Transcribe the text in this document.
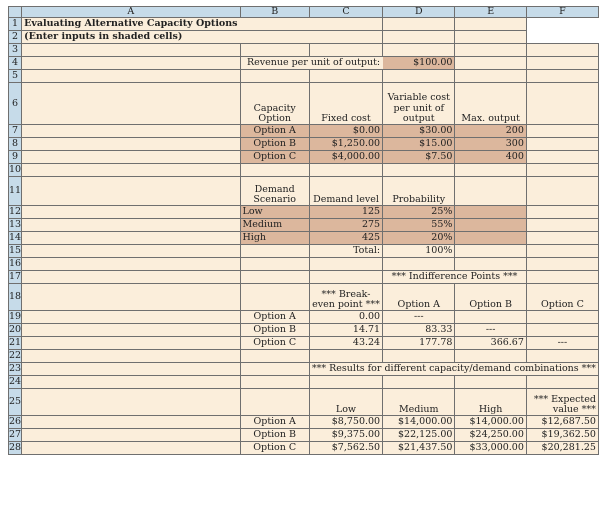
	A	B	C	D	E	F
1	Evaluating Alternative Capacity Options					
2	(Enter inputs in shaded cells)					
3						
4		Revenue per unit of output:		$100.00		
5						
6		Capacity Option	Fixed cost	Variable cost per unit of output	Max. output	
7		Option A	$0.00	$30.00	200	
8		Option B	$1,250.00	$15.00	300	
9		Option C	$4,000.00	$7.50	400	
10						
11		Demand Scenario	Demand level	Probability		
12		Low	125	25%		
13		Medium	275	55%		
14		High	425	20%		
15			Total:	100%		
16						
17				*** Indifference Points ***		
18			*** Break-even point ***	Option A	Option B	Option C
19		Option A	0.00	---		
20		Option B	14.71	83.33	---	
21		Option C	43.24	177.78	366.67	---
22						
23			*** Results for different capacity/demand combinations ***			
24						
25			Low	Medium	High	*** Expected value ***
26		Option A	$8,750.00	$14,000.00	$14,000.00	$12,687.50
27		Option B	$9,375.00	$22,125.00	$24,250.00	$19,362.50
28		Option C	$7,562.50	$21,437.50	$33,000.00	$20,281.25
